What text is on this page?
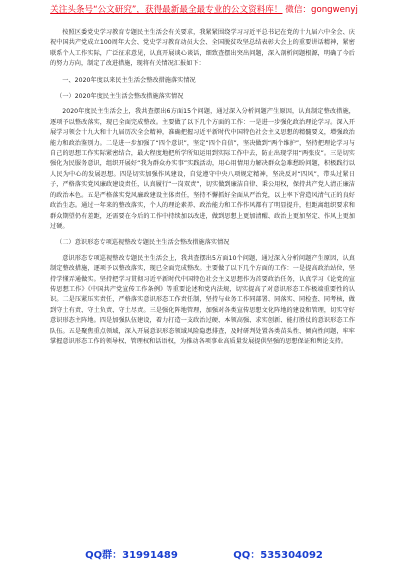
关注头条号“公文研究”，获得最新最全最专业的公文资料库！ 微信：gongwenyj

按照区委党史学习教育专题民主生活会有关要求，我紧紧围绕学习习近平总书记在党的十九届六中全会、庆祝中国共产党成立100周年大会、党史学习教育动员大会、全国脱贫攻坚总结表彰大会上的重要讲话精神，紧密联系个人工作实际，广泛征求意见，认真开展谈心谈话，细致查摆出突出问题，深入剖析问题根源，明确了今后的努力方向，制定了改进措施，现将有关情况汇报如下：

一、2020年度以来民主生活会整改措施落实情况

（一）2020年度民主生活会整改措施落实情况

2020年度民主生活会上，我共查摆出6方面15个问题，通过深入分析问题产生原因，认真制定整改措施，逐项予以整改落实，现已全面完成整改。主要做了以下几个方面的工作：一是进一步强化政治理论学习。深入开展学习领会十九大和十九届历次全会精神，准确把握习近平新时代中国特色社会主义思想的精髓要义，增强政治能力和政治鉴别力。二是进一步加强了“四个意识”，坚定“四个自信”，坚决做到“两个维护”，坚持把理论学习与自己的思想工作实际紧密结合，最大程度地把所学所知运用到实际工作中去，防止出现学用“两张皮”。三是切实强化为民服务意识，组织开展好“我为群众办实事”实践活动，用心用情用力解决群众急难愁盼问题，积极践行以人民为中心的发展思想。四是切实加强作风建设，自觉遵守中央八项规定精神，坚决反对“四风”，带头过紧日子，严格落实党风廉政建设责任，认真履行“一岗双责”，切实做到廉洁自律、秉公用权，保持共产党人清正廉洁的政治本色。五是严格落实党风廉政建设主体责任，坚持不懈抓好全面从严治党，以上率下营造风清气正的良好政治生态。通过一年来的整改落实，个人的理论素养、政治能力和工作作风都有了明显提升，但距离组织要求和群众期望仍有差距，还需要在今后的工作中持续加以改进，做到思想上更加清醒、政治上更加坚定、作风上更加过硬。

（二）意识形态专项巡视整改专题民主生活会整改措施落实情况

意识形态专项巡视整改专题民主生活会上，我共查摆出5方面10个问题，通过深入分析问题产生原因，认真制定整改措施，逐项予以整改落实，现已全面完成整改。主要做了以下几个方面的工作：一是提高政治站位，坚持学懂弄通做实。坚持把学习贯彻习近平新时代中国特色社会主义思想作为首要政治任务，认真学习《论党的宣传思想工作》《中国共产党宣传工作条例》等重要论述和党内法规，切实提高了对意识形态工作极端重要性的认识。二是压紧压实责任，严格落实意识形态工作责任制，坚持与业务工作同部署、同落实、同检查、同考核，做到守土有责、守土负责、守土尽责。三是强化阵地管理，加强对各类宣传思想文化阵地的建设和管理，切实守好意识形态主阵地。四是加强队伍建设，着力打造一支政治过硬、本领高强、求实创新、能打胜仗的意识形态工作队伍。五是聚焦重点领域，深入开展意识形态领域风险隐患排查，及时研判处置各类苗头性、倾向性问题，牢牢掌握意识形态工作的领导权、管理权和话语权，为推动各项事业高质量发展提供坚强的思想保证和舆论支持。

QQ群：31991489	QQ：535304092
